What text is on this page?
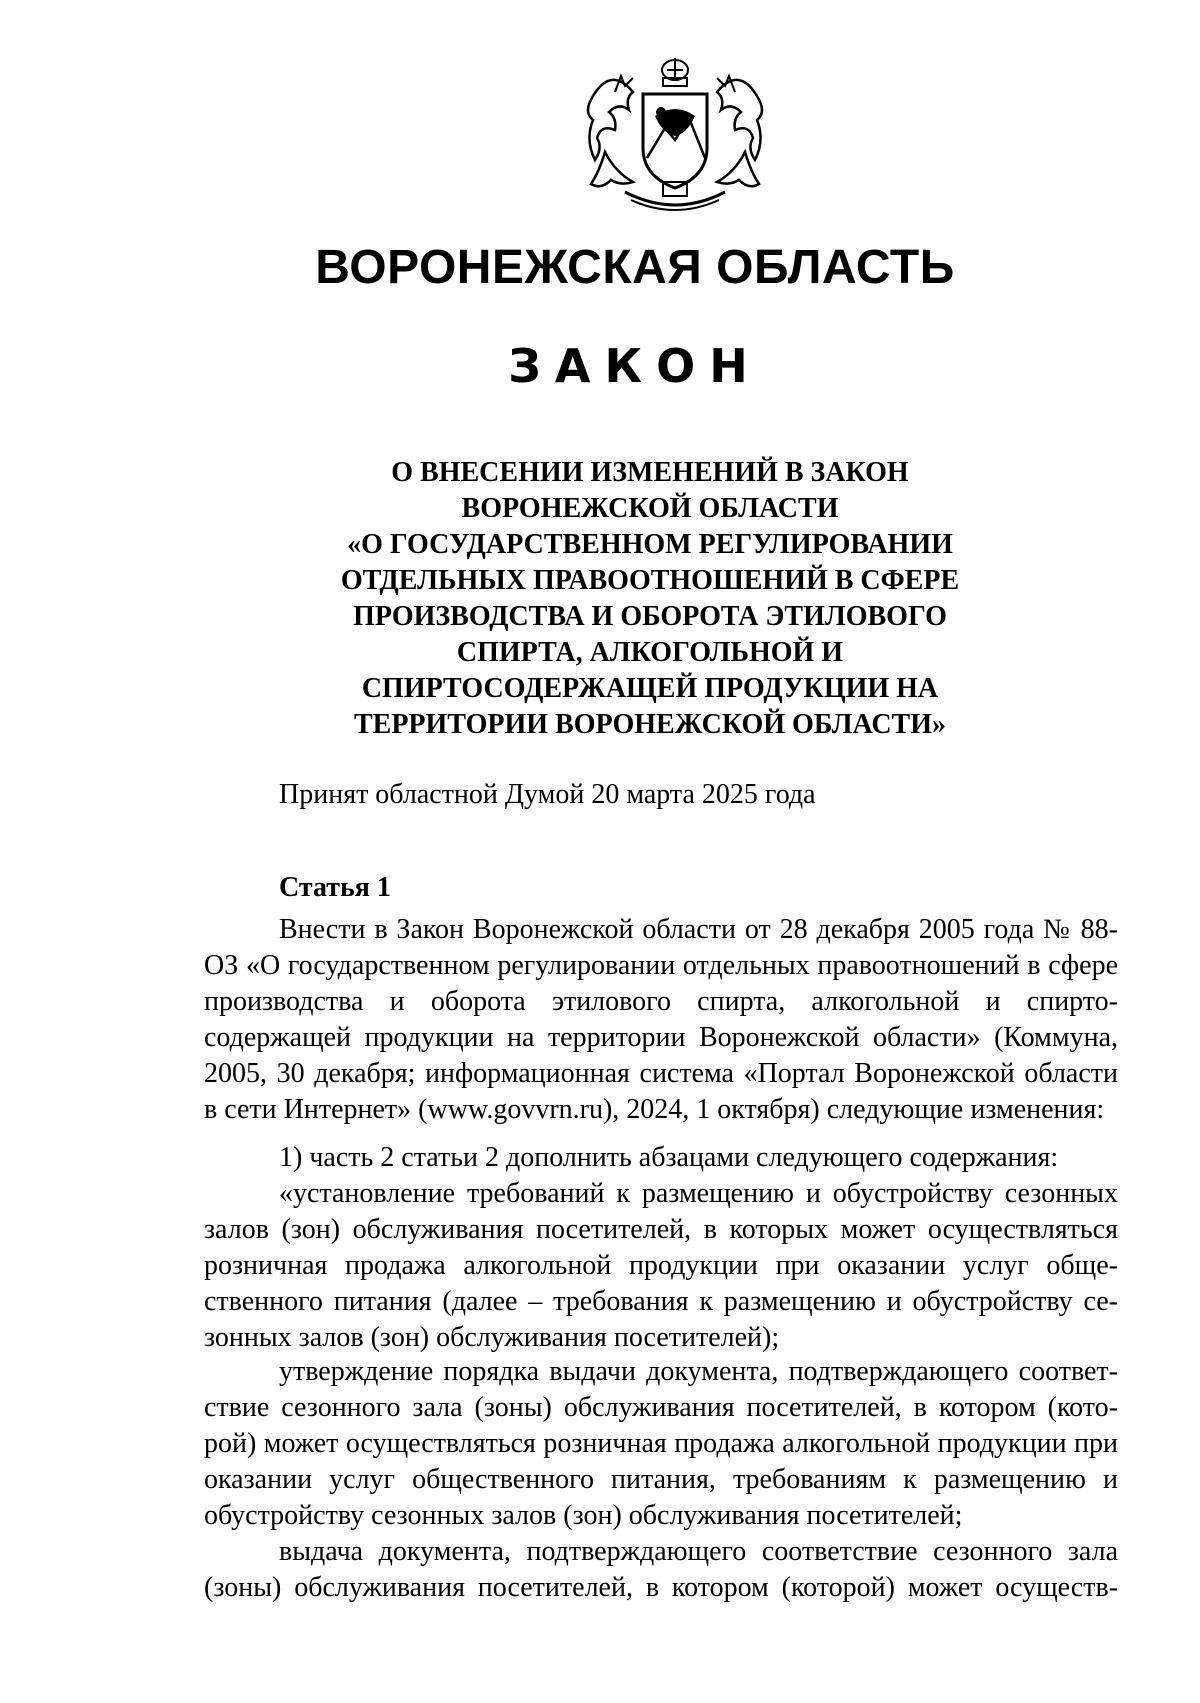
ВОРОНЕЖСКАЯ ОБЛАСТЬ
ЗАКОН
О ВНЕСЕНИИ ИЗМЕНЕНИЙ В ЗАКОН
ВОРОНЕЖСКОЙ ОБЛАСТИ
«О ГОСУДАРСТВЕННОМ РЕГУЛИРОВАНИИ
ОТДЕЛЬНЫХ ПРАВООТНОШЕНИЙ В СФЕРЕ
ПРОИЗВОДСТВА И ОБОРОТА ЭТИЛОВОГО
СПИРТА, АЛКОГОЛЬНОЙ И
СПИРТОСОДЕРЖАЩЕЙ ПРОДУКЦИИ НА
ТЕРРИТОРИИ ВОРОНЕЖСКОЙ ОБЛАСТИ»
Принят областной Думой 20 марта 2025 года
Статья 1

Внести в Закон Воронежской области от 28 декабря 2005 года № 88-ОЗ «О государственном регулировании отдельных правоотношений в сфере производства и оборота этилового спирта, алкогольной и спирто-содержащей продукции на территории Воронежской области» (Коммуна, 2005, 30 декабря; информационная система «Портал Воронежской области в сети Интернет» (www.govvrn.ru), 2024, 1 октября) следующие изменения:

1) часть 2 статьи 2 дополнить абзацами следующего содержания:

«установление требований к размещению и обустройству сезонных залов (зон) обслуживания посетителей, в которых может осуществляться розничная продажа алкогольной продукции при оказании услуг обще-ственного питания (далее – требования к размещению и обустройству се-зонных залов (зон) обслуживания посетителей);

утверждение порядка выдачи документа, подтверждающего соответ-ствие сезонного зала (зоны) обслуживания посетителей, в котором (кото-рой) может осуществляться розничная продажа алкогольной продукции при оказании услуг общественного питания, требованиям к размещению и обустройству сезонных залов (зон) обслуживания посетителей;

выдача документа, подтверждающего соответствие сезонного зала (зоны) обслуживания посетителей, в котором (которой) может осуществ-
